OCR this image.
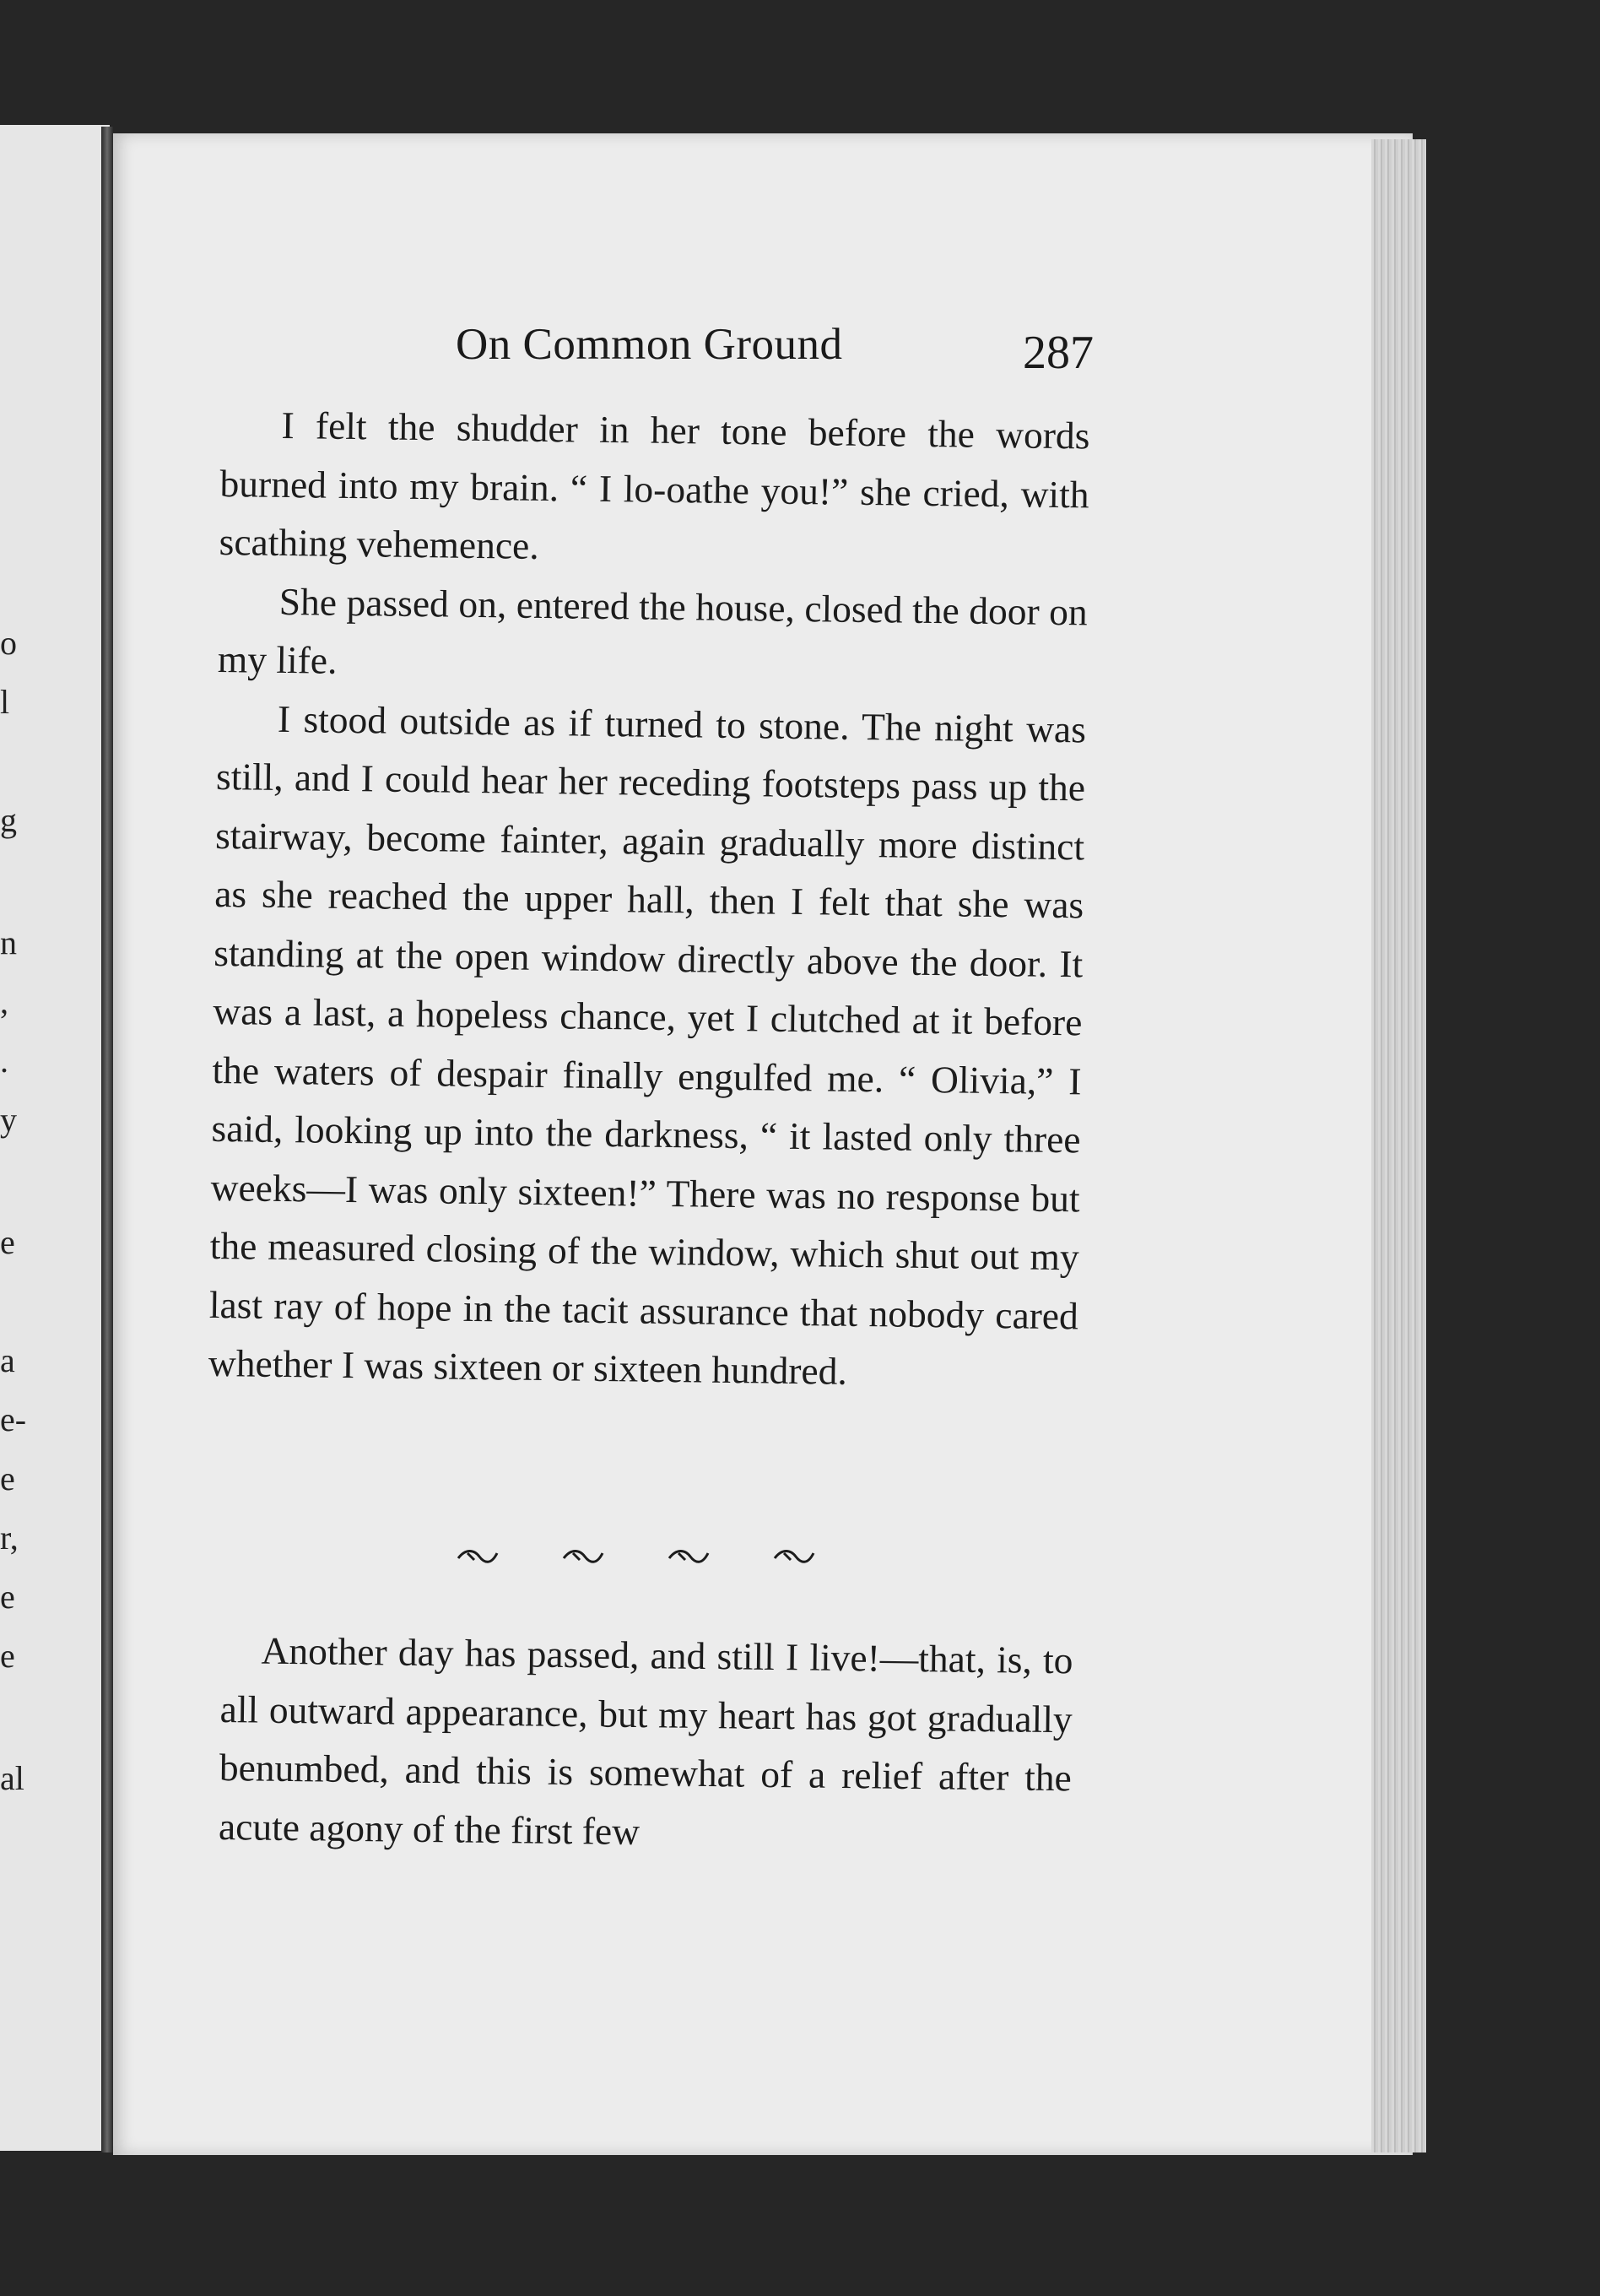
o
l
g
n
,
.
y
e
a
e-
e
r,
e
e
al
On Common Ground	287

I felt the shudder in her tone before the words burned into my brain. “ I lo-oathe you!” she cried, with scathing vehemence.

She passed on, entered the house, closed the door on my life.

I stood outside as if turned to stone. The night was still, and I could hear her receding footsteps pass up the stairway, become fainter, again gradually more distinct as she reached the upper hall, then I felt that she was standing at the open window directly above the door. It was a last, a hopeless chance, yet I clutched at it before the waters of despair finally engulfed me. “ Olivia,” I said, looking up into the darkness, “ it lasted only three weeks—I was only sixteen!” There was no response but the measured closing of the window, which shut out my last ray of hope in the tacit assurance that nobody cared whether I was sixteen or sixteen hundred.

Another day has passed, and still I live!—that, is, to all outward appearance, but my heart has got gradually benumbed, and this is somewhat of a relief after the acute agony of the first few
